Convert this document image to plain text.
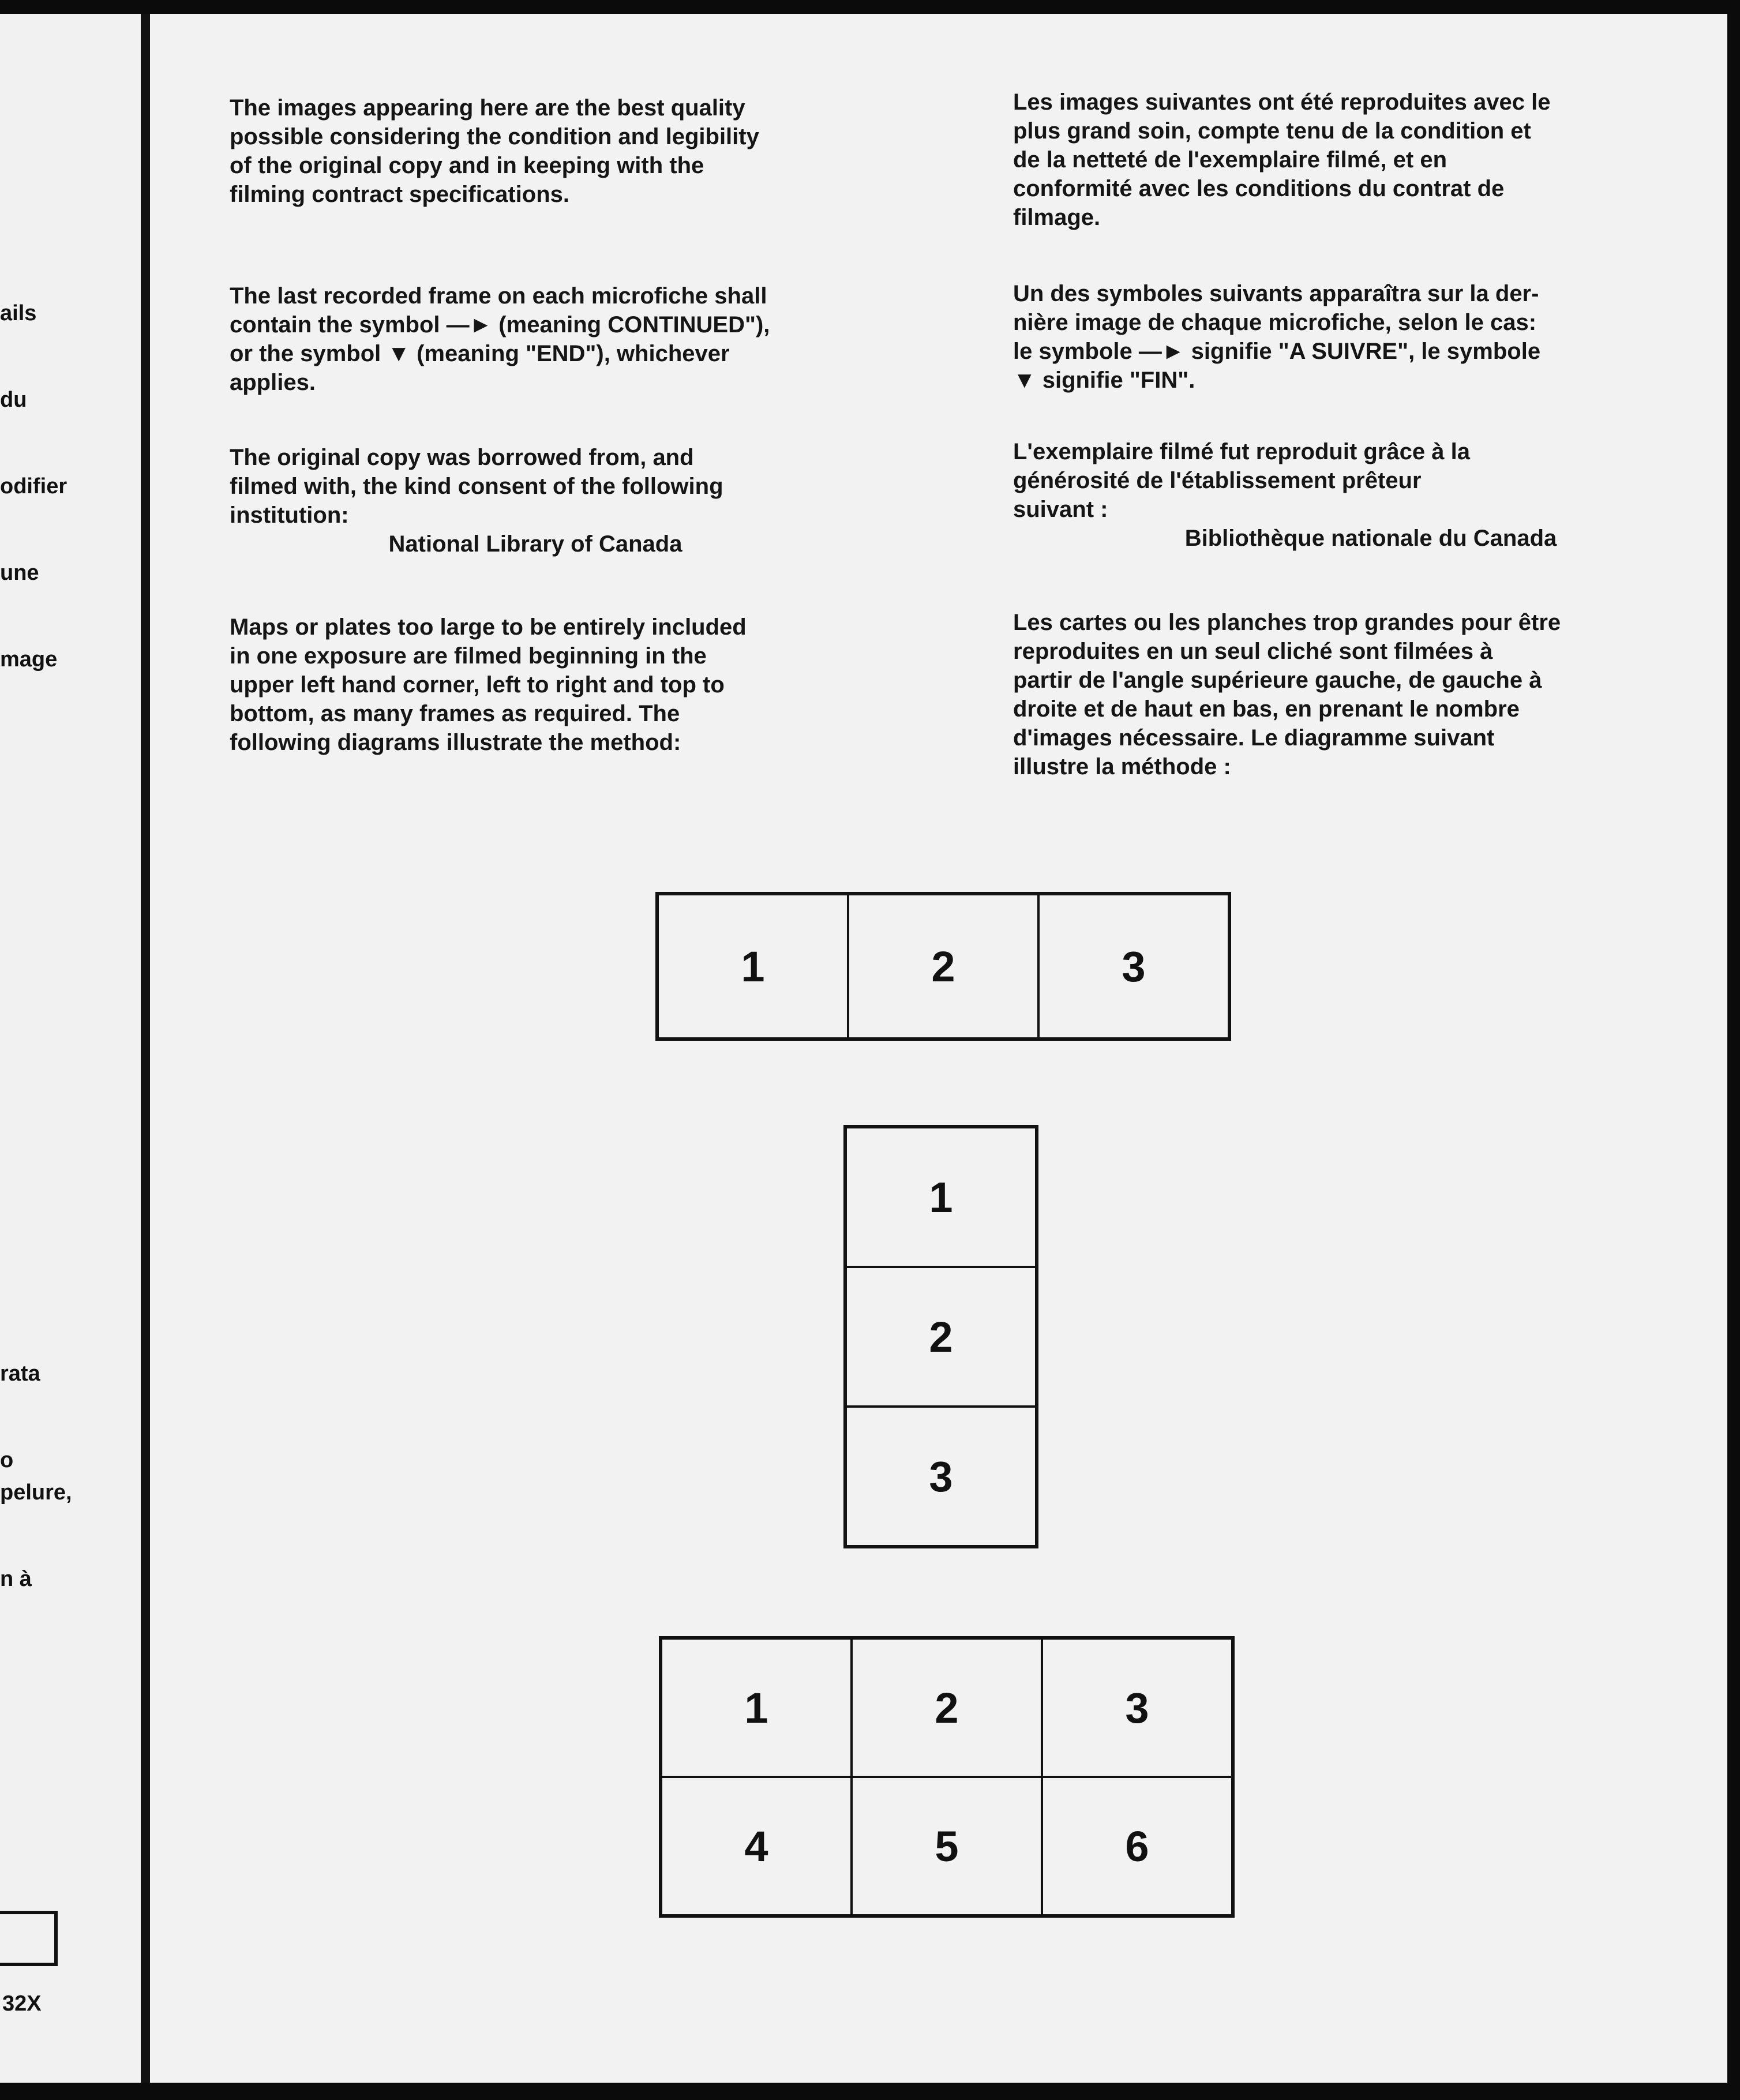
ails

du

odifier

une

mage

rata

o

pelure,

n à

32X

The images appearing here are the best quality
possible considering the condition and legibility
of the original copy and in keeping with the
filming contract specifications.

The last recorded frame on each microfiche shall
contain the symbol —► (meaning CONTINUED"),
or the symbol ▼ (meaning "END"), whichever
applies.

The original copy was borrowed from, and
filmed with, the kind consent of the following
institution:

National Library of Canada

Maps or plates too large to be entirely included
in one exposure are filmed beginning in the
upper left hand corner, left to right and top to
bottom, as many frames as required. The
following diagrams illustrate the method:

Les images suivantes ont été reproduites avec le
plus grand soin, compte tenu de la condition et
de la netteté de l'exemplaire filmé, et en
conformité avec les conditions du contrat de
filmage.

Un des symboles suivants apparaîtra sur la der-
nière image de chaque microfiche, selon le cas:
le symbole —► signifie "A SUIVRE", le symbole
▼ signifie "FIN".

L'exemplaire filmé fut reproduit grâce à la
générosité de l'établissement prêteur
suivant :

Bibliothèque nationale du Canada

Les cartes ou les planches trop grandes pour être
reproduites en un seul cliché sont filmées à
partir de l'angle supérieure gauche, de gauche à
droite et de haut en bas, en prenant le nombre
d'images nécessaire. Le diagramme suivant
illustre la méthode :

1	2	3
1
2
3
1	2	3
4	5	6
